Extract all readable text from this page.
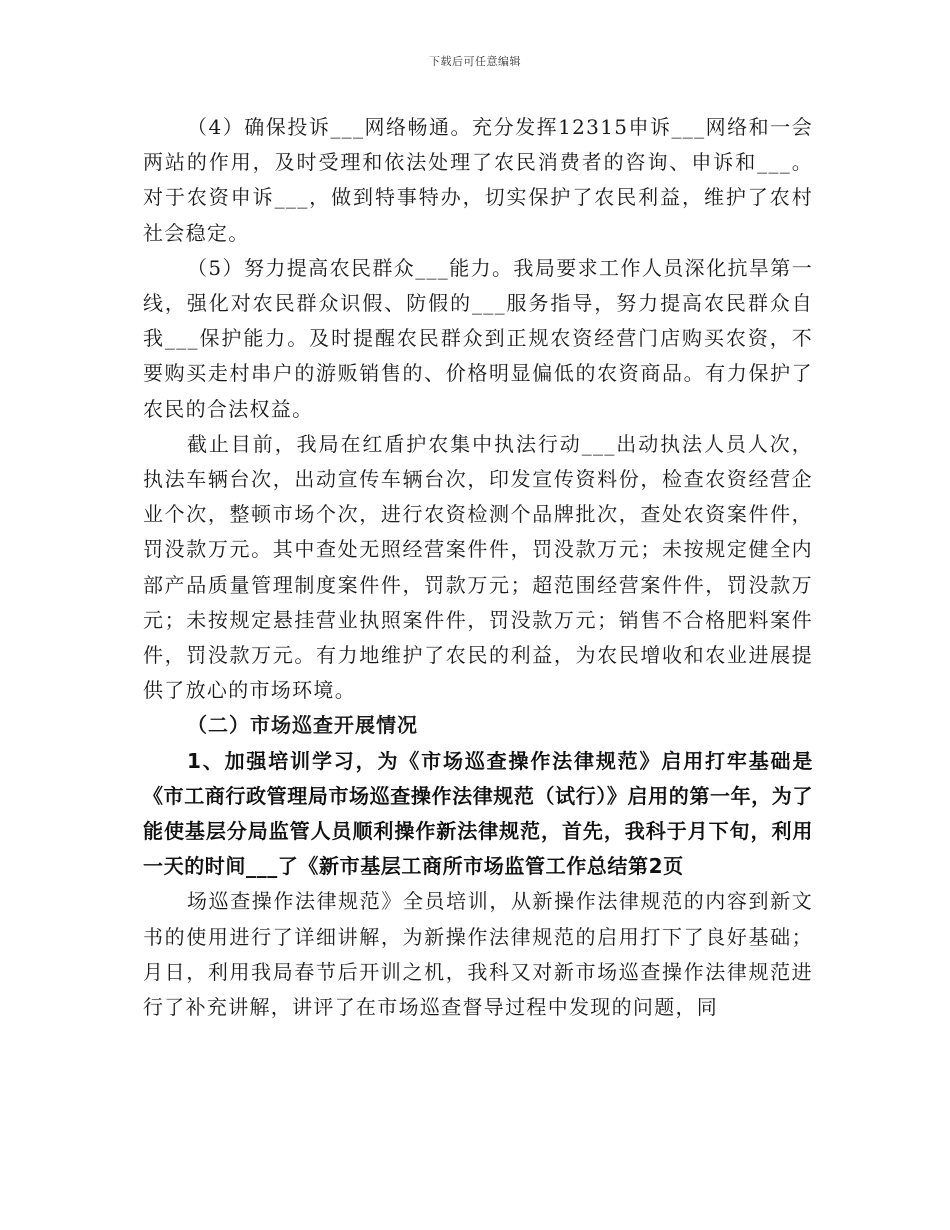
下载后可任意编辑

（4）确保投诉___网络畅通。充分发挥12315申诉___网络和一会两站的作用，及时受理和依法处理了农民消费者的咨询、申诉和___。对于农资申诉___，做到特事特办，切实保护了农民利益，维护了农村社会稳定。

（5）努力提高农民群众___能力。我局要求工作人员深化抗旱第一线，强化对农民群众识假、防假的___服务指导，努力提高农民群众自我___保护能力。及时提醒农民群众到正规农资经营门店购买农资，不要购买走村串户的游贩销售的、价格明显偏低的农资商品。有力保护了农民的合法权益。

截止目前，我局在红盾护农集中执法行动___出动执法人员人次，执法车辆台次，出动宣传车辆台次，印发宣传资料份，检查农资经营企业个次，整顿市场个次，进行农资检测个品牌批次，查处农资案件件，罚没款万元。其中查处无照经营案件件，罚没款万元；未按规定健全内部产品质量管理制度案件件，罚款万元；超范围经营案件件，罚没款万元；未按规定悬挂营业执照案件件，罚没款万元；销售不合格肥料案件件，罚没款万元。有力地维护了农民的利益，为农民增收和农业进展提供了放心的市场环境。

（二）市场巡查开展情况

1、加强培训学习，为《市场巡查操作法律规范》启用打牢基础是《市工商行政管理局市场巡查操作法律规范（试行）》启用的第一年，为了能使基层分局监管人员顺利操作新法律规范，首先，我科于月下旬，利用一天的时间___了《新市基层工商所市场监管工作总结第2页

场巡查操作法律规范》全员培训，从新操作法律规范的内容到新文书的使用进行了详细讲解，为新操作法律规范的启用打下了良好基础；月日，利用我局春节后开训之机，我科又对新市场巡查操作法律规范进行了补充讲解，讲评了在市场巡查督导过程中发现的问题，同
